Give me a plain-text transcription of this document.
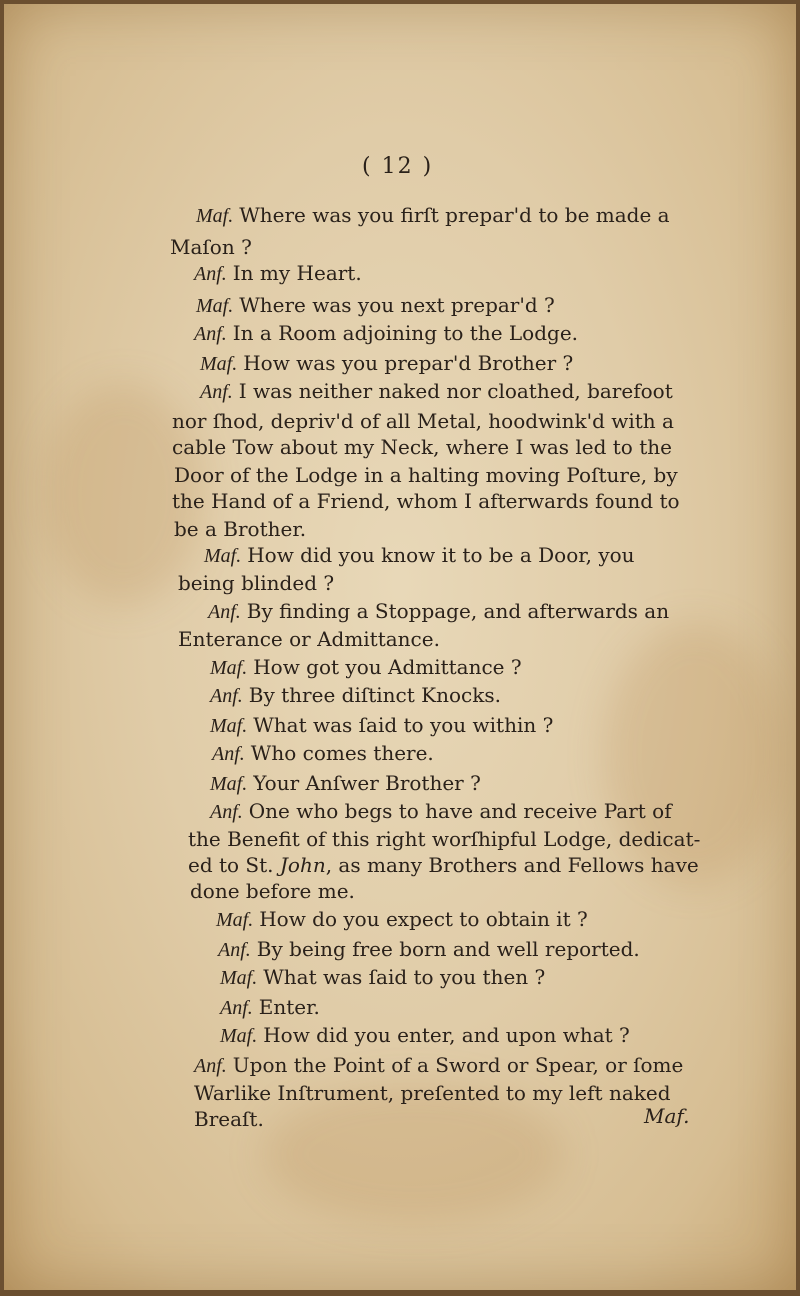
( 12 )
Maf. Where was you firſt prepar'd to be made a
Maſon ?
Anf. In my Heart.
Maf. Where was you next prepar'd ?
Anf. In a Room adjoining to the Lodge.
Maf. How was you prepar'd Brother ?
Anf. I was neither naked nor cloathed, barefoot
nor ſhod, depriv'd of all Metal, hoodwink'd with a
cable Tow about my Neck, where I was led to the
Door of the Lodge in a halting moving Poſture, by
the Hand of a Friend, whom I afterwards found to
be a Brother.
Maf. How did you know it to be a Door, you
being blinded ?
Anf. By finding a Stoppage, and afterwards an
Enterance or Admittance.
Maf. How got you Admittance ?
Anf. By three diſtinct Knocks.
Maf. What was ſaid to you within ?
Anf. Who comes there.
Maf. Your Anſwer Brother ?
Anf. One who begs to have and receive Part of
the Benefit of this right worſhipful Lodge, dedicat-
ed to St. John, as many Brothers and Fellows have
done before me.
Maf. How do you expect to obtain it ?
Anf. By being free born and well reported.
Maf. What was ſaid to you then ?
Anf. Enter.
Maf. How did you enter, and upon what ?
Anf. Upon the Point of a Sword or Spear, or ſome
Warlike Inſtrument, preſented to my left naked
Breaſt.	Maf.
